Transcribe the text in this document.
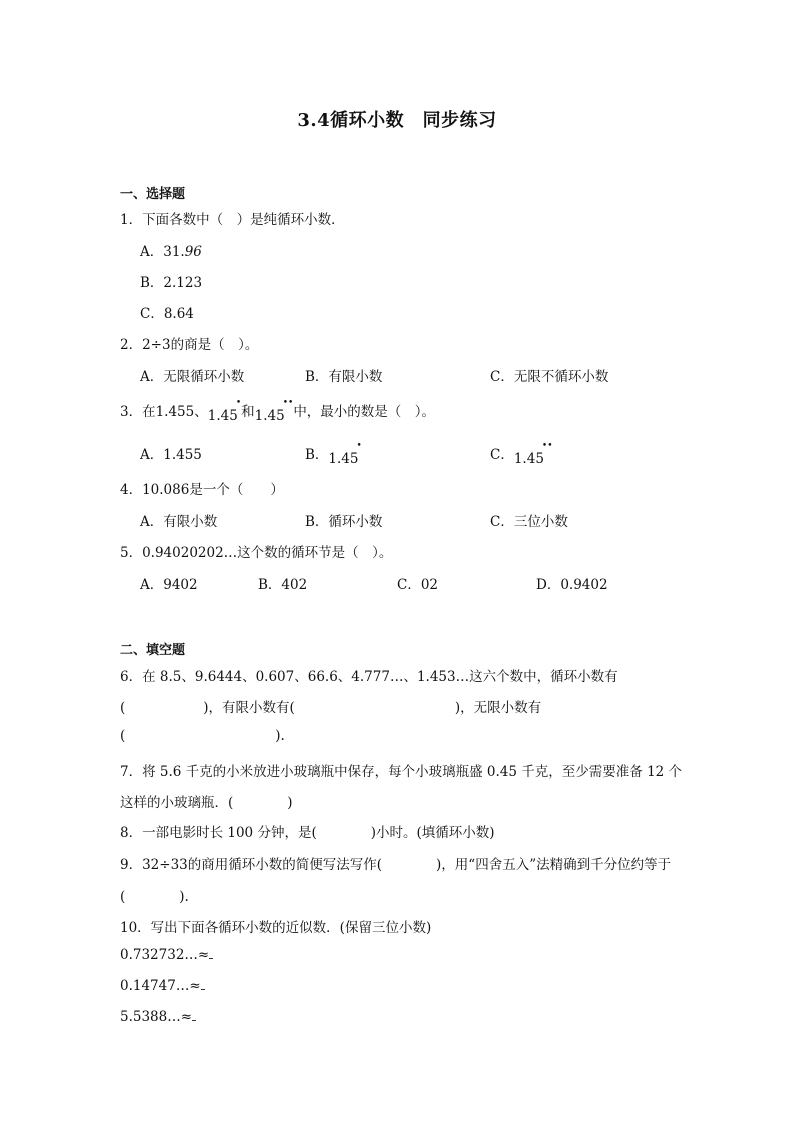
3.4循环小数　同步练习
一、选择题
1．下面各数中（　）是纯循环小数．
A．31.96
B．2.123
C．8.64
2．2÷3的商是（　）。
A．无限循环小数	B．有限小数	C．无限不循环小数
3．在1.455、1.45•和1.45••中，最小的数是（　）。
A．1.455	B．1.45•
C．1.45••
4．10.086是一个（　　）
A．有限小数	B．循环小数	C．三位小数
5．0.94020202…这个数的循环节是（　）。
A．9402	B．402	C．02	D．0.9402
二、填空题
6．在 8.5、9.6444、0.607、66.6、4.777…、1.453…这六个数中，循环小数有
(	)，有限小数有(	)，无限小数有
(	).
7．将 5.6 千克的小米放进小玻璃瓶中保存，每个小玻璃瓶盛 0.45 千克，至少需要准备 12 个
这样的小玻璃瓶．(　　　　)
8．一部电影时长 100 分钟，是(　　　　)小时。(填循环小数)
9．32÷33的商用循环小数的简便写法写作(　　　　)，用“四舍五入”法精确到千分位约等于
(　　　　).
10．写出下面各循环小数的近似数．(保留三位小数)
0.732732…≈
0.14747…≈
5.5388…≈
